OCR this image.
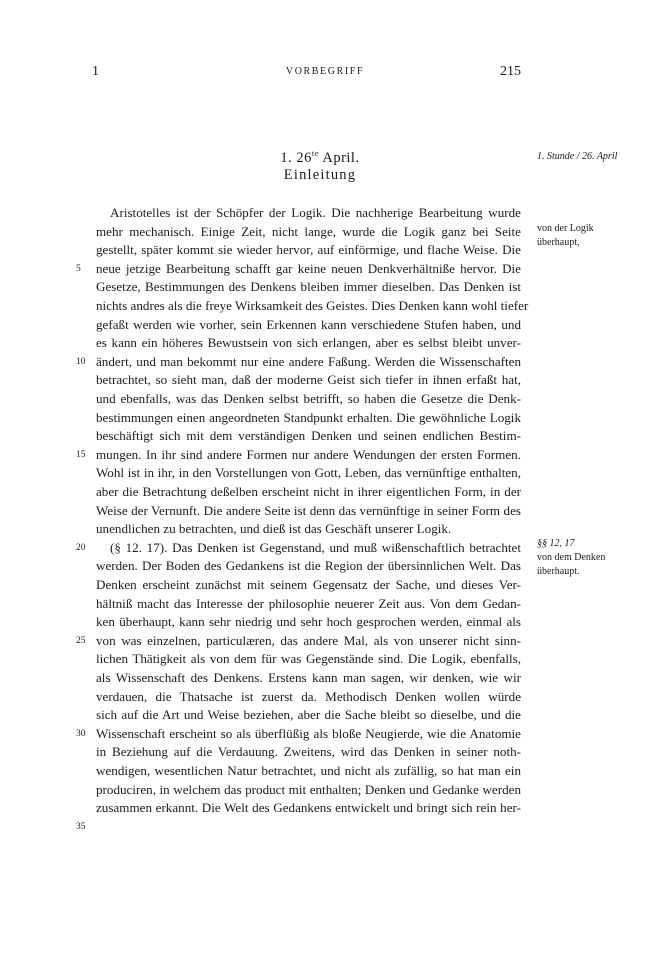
1	VORBEGRIFF	215
1. $26^{te}$ April.
Einleitung
1. Stunde / 26. April
Aristotelles ist der Schöpfer der Logik. Die nachherige Bearbeitung wurde
mehr mechanisch. Einige Zeit, nicht lange, wurde die Logik ganz bei Seite
gestellt, später kommt sie wieder hervor, auf einförmige, und flache Weise. Die
neue jetzige Bearbeitung schafft gar keine neuen Denkverhältniße hervor. Die
Gesetze, Bestimmungen des Denkens bleiben immer dieselben. Das Denken ist
nichts andres als die freye Wirksamkeit des Geistes. Dies Denken kann wohl tiefer
gefaßt werden wie vorher, sein Erkennen kann verschiedene Stufen haben, und
es kann ein höheres Bewustsein von sich erlangen, aber es selbst bleibt unver-
ändert, und man bekommt nur eine andere Faßung. Werden die Wissenschaften
betrachtet, so sieht man, daß der moderne Geist sich tiefer in ihnen erfaßt hat,
und ebenfalls, was das Denken selbst betrifft, so haben die Gesetze die Denk-
bestimmungen einen angeordneten Standpunkt erhalten. Die gewöhnliche Logik
beschäftigt sich mit dem verständigen Denken und seinen endlichen Bestim-
mungen. In ihr sind andere Formen nur andere Wendungen der ersten Formen.
Wohl ist in ihr, in den Vorstellungen von Gott, Leben, das vernünftige enthalten,
aber die Betrachtung deßelben erscheint nicht in ihrer eigentlichen Form, in der
Weise der Vernunft. Die andere Seite ist denn das vernünftige in seiner Form des
unendlichen zu betrachten, und dieß ist das Geschäft unserer Logik.
(§ 12. 17). Das Denken ist Gegenstand, und muß wißenschaftlich betrachtet
werden. Der Boden des Gedankens ist die Region der übersinnlichen Welt. Das
Denken erscheint zunächst mit seinem Gegensatz der Sache, und dieses Ver-
hältniß macht das Interesse der philosophie neuerer Zeit aus. Von dem Gedan-
ken überhaupt, kann sehr niedrig und sehr hoch gesprochen werden, einmal als
von was einzelnen, particulæren, das andere Mal, als von unserer nicht sinn-
lichen Thätigkeit als von dem für was Gegenstände sind. Die Logik, ebenfalls,
als Wissenschaft des Denkens. Erstens kann man sagen, wir denken, wie wir
verdauen, die Thatsache ist zuerst da. Methodisch Denken wollen würde
sich auf die Art und Weise beziehen, aber die Sache bleibt so dieselbe, und die
Wissenschaft erscheint so als überflüßig als bloße Neugierde, wie die Anatomie
in Beziehung auf die Verdauung. Zweitens, wird das Denken in seiner noth-
wendigen, wesentlichen Natur betrachtet, und nicht als zufällig, so hat man ein
produciren, in welchem das product mit enthalten; Denken und Gedanke werden
zusammen erkannt. Die Welt des Gedankens entwickelt und bringt sich rein her-
5
10
15
20
25
30
35
von der Logik
überhaupt,
§§ 12, 17
von dem Denken
überhaupt.
